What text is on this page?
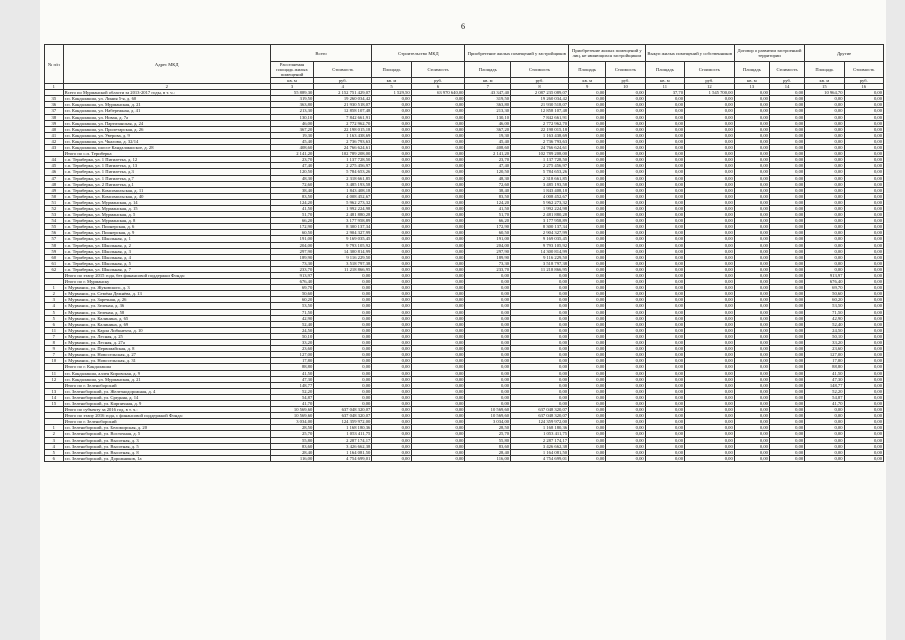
6
№ п/п	Адрес МКД	Всего		Строительство МКД		Приобретение жилых помещений у застройщиков		Приобретение жилых помещений у лиц, не являющихся застройщиком		Выкуп жилых помещений у собственников		Договор о развитии застроенной территории		Другие	
		Расселяемая площадь жилых помещений	Стоимость	Площадь	Стоимость	Площадь	Стоимость	Площадь	Стоимость	Площадь	Стоимость	Площадь	Стоимость	Площадь	Стоимость
		кв. м	руб.	кв. м	руб.	кв. м	руб.	кв. м	руб.	кв. м	руб.	кв. м	руб.	кв. м	руб.
1	2	3	4	5	6	7	8	9	10	11	12	13	14	15	16
	Всего по Мурманской области за 2013-2017 годы, в т. ч.:	55 889,30	2 152 751 429,07	1 529,50	63 970 640,00	43 347,40	2 087 235 089,07	0,00	0,00	37,70	1 545 700,00	0,00	0,00	10 964,70	0,00
35	г.п. Кандалакша, ул. Линия 5-я, д. 60	319,50	19 260 034,42	0,00	0,00	319,50	19 260 034,42	0,00	0,00	0,00	0,00	0,00	0,00	0,00	0,00
36	г.п. Кандалакша, ул. Мурманская, д. 21	363,80	21 930 518,07	0,00	0,00	363,80	21 930 518,07	0,00	0,00	0,00	0,00	0,00	0,00	0,00	0,00
37	г.п. Кандалакша, ул. Набережная, д. 41	213,30	12 858 107,48	0,00	0,00	213,30	12 858 107,48	0,00	0,00	0,00	0,00	0,00	0,00	0,00	0,00
38	г.п. Кандалакша, ул. Новая, д. 7а	130,10	7 842 661,91	0,00	0,00	130,10	7 842 661,91	0,00	0,00	0,00	0,00	0,00	0,00	0,00	0,00
39	г.п. Кандалакша, ул. Партизанская, д. 24	46,00	2 772 962,70	0,00	0,00	46,00	2 772 962,70	0,00	0,00	0,00	0,00	0,00	0,00	0,00	0,00
40	г.п. Кандалакша, ул. Пролетарская, д. 26	367,20	22 198 015,18	0,00	0,00	367,20	22 198 015,18	0,00	0,00	0,00	0,00	0,00	0,00	0,00	0,00
41	г.п. Кандалакша, ул. Уверова, д. 9	19,30	1 163 438,69	0,00	0,00	19,30	1 163 438,69	0,00	0,00	0,00	0,00	0,00	0,00	0,00	0,00
42	г.п. Кандалакша, ул. Чкалова, д. 32/14	45,40	2 736 793,63	0,00	0,00	45,40	2 736 793,63	0,00	0,00	0,00	0,00	0,00	0,00	0,00	0,00
43	г.п. Кандалакша, шоссе Кандалакшское, д. 28	408,60	24 766 624,61	0,00	0,00	408,60	24 766 624,61	0,00	0,00	0,00	0,00	0,00	0,00	0,00	0,00
	Итого по с.п. Териберка	2 141,20	102 789 208,00	0,00	0,00	2 141,20	102 789 208,00	0,00	0,00	0,00	0,00	0,00	0,00	0,00	0,00
44	с.п. Териберка, ул. 1 Пятилетка, д. 12	23,70	1 137 728,50	0,00	0,00	23,70	1 137 728,50	0,00	0,00	0,00	0,00	0,00	0,00	0,00	0,00
45	с.п. Териберка, ул. 1 Пятилетка, д. 13	47,40	2 275 456,97	0,00	0,00	47,40	2 275 456,97	0,00	0,00	0,00	0,00	0,00	0,00	0,00	0,00
46	с.п. Териберка, ул. 1 Пятилетка, д.3	120,50	5 784 653,26	0,00	0,00	120,50	5 784 653,26	0,00	0,00	0,00	0,00	0,00	0,00	0,00	0,00
47	с.п. Териберка, ул. 1 Пятилетка, д.7	48,30	2 318 661,85	0,00	0,00	48,30	2 318 661,85	0,00	0,00	0,00	0,00	0,00	0,00	0,00	0,00
48	с.п. Териберка, ул. 2 Пятилетка, д.1	72,60	3 485 193,58	0,00	0,00	72,60	3 485 193,58	0,00	0,00	0,00	0,00	0,00	0,00	0,00	0,00
49	с.п. Териберка, ул. Комсомольская, д. 11	38,40	1 843 408,18	0,00	0,00	38,40	1 843 408,18	0,00	0,00	0,00	0,00	0,00	0,00	0,00	0,00
50	с.п. Териберка, ул. Комсомольская, д. 40	83,50	4 008 452,67	0,00	0,00	83,50	4 008 452,67	0,00	0,00	0,00	0,00	0,00	0,00	0,00	0,00
51	с.п. Териберка, ул. Мурманская, д. 14	124,20	5 962 273,32	0,00	0,00	124,20	5 962 273,32	0,00	0,00	0,00	0,00	0,00	0,00	0,00	0,00
52	с.п. Териберка, ул. Мурманская, д. 15	41,50	1 992 224,98	0,00	0,00	41,50	1 992 224,98	0,00	0,00	0,00	0,00	0,00	0,00	0,00	0,00
53	с.п. Териберка, ул. Мурманская, д. 5	51,70	2 481 880,28	0,00	0,00	51,70	2 481 880,28	0,00	0,00	0,00	0,00	0,00	0,00	0,00	0,00
54	с.п. Териберка, ул. Мурманская, д. 8	66,20	3 177 958,89	0,00	0,00	66,20	3 177 958,89	0,00	0,00	0,00	0,00	0,00	0,00	0,00	0,00
55	с.п. Териберка, ул. Пионерская, д. 6	172,90	8 300 137,34	0,00	0,00	172,90	8 300 137,34	0,00	0,00	0,00	0,00	0,00	0,00	0,00	0,00
56	с.п. Териберка, ул. Пионерская, д. 9	60,50	2 904 327,99	0,00	0,00	60,50	2 904 327,99	0,00	0,00	0,00	0,00	0,00	0,00	0,00	0,00
57	с.п. Териберка, ул. Школьная, д. 1	191,00	9 169 035,45	0,00	0,00	191,00	9 169 035,45	0,00	0,00	0,00	0,00	0,00	0,00	0,00	0,00
58	с.п. Териберка, ул. Школьная, д. 2	204,00	9 793 105,92	0,00	0,00	204,00	9 793 105,92	0,00	0,00	0,00	0,00	0,00	0,00	0,00	0,00
59	с.п. Териберка, ул. Школьная, д. 3	297,90	14 300 814,99	0,00	0,00	297,90	14 300 814,99	0,00	0,00	0,00	0,00	0,00	0,00	0,00	0,00
60	с.п. Териберка, ул. Школьная, д. 4	189,90	9 116 229,50	0,00	0,00	189,90	9 116 229,50	0,00	0,00	0,00	0,00	0,00	0,00	0,00	0,00
61	с.п. Териберка, ул. Школьная, д. 5	73,30	3 518 797,38	0,00	0,00	73,30	3 518 797,38	0,00	0,00	0,00	0,00	0,00	0,00	0,00	0,00
62	с.п. Териберка, ул. Школьная, д. 7	233,70	11 218 866,95	0,00	0,00	233,70	11 218 866,95	0,00	0,00	0,00	0,00	0,00	0,00	0,00	0,00
	Итого по этапу 2015 года, без финансовой поддержки Фонда:	913,97	0,00	0,00	0,00	0,00	0,00	0,00	0,00	0,00	0,00	0,00	0,00	913,97	0,00
	Итого по г. Мурманску	676,40	0,00	0,00	0,00	0,00	0,00	0,00	0,00	0,00	0,00	0,00	0,00	676,40	0,00
1	г. Мурманск, ул. Жуковского, д. 3	69,70	0,00	0,00	0,00	0,00	0,00	0,00	0,00	0,00	0,00	0,00	0,00	69,70	0,00
2	г. Мурманск, ул. Семёна Дежнёва, д. 13	50,60	0,00	0,00	0,00	0,00	0,00	0,00	0,00	0,00	0,00	0,00	0,00	50,60	0,00
3	г. Мурманск, ул. Заречная, д. 26	60,20	0,00	0,00	0,00	0,00	0,00	0,00	0,00	0,00	0,00	0,00	0,00	60,20	0,00
4	г. Мурманск, ул. Зеленая, д. 36	53,50	0,00	0,00	0,00	0,00	0,00	0,00	0,00	0,00	0,00	0,00	0,00	53,50	0,00
5	г. Мурманск, ул. Зеленая, д. 58	71,50	0,00	0,00	0,00	0,00	0,00	0,00	0,00	0,00	0,00	0,00	0,00	71,50	0,00
5	г. Мурманск, ул. Калинина, д. 65	42,90	0,00	0,00	0,00	0,00	0,00	0,00	0,00	0,00	0,00	0,00	0,00	42,90	0,00
6	г. Мурманск, ул. Калинина, д. 69	52,40	0,00	0,00	0,00	0,00	0,00	0,00	0,00	0,00	0,00	0,00	0,00	52,40	0,00
11	г. Мурманск, ул. Карла Либкнехта, д. 10	24,50	0,00	0,00	0,00	0,00	0,00	0,00	0,00	0,00	0,00	0,00	0,00	24,50	0,00
7	г. Мурманск, ул. Лесная, д. 25	50,10	0,00	0,00	0,00	0,00	0,00	0,00	0,00	0,00	0,00	0,00	0,00	50,10	0,00
8	г. Мурманск, ул. Лесная, д. 27а	33,20	0,00	0,00	0,00	0,00	0,00	0,00	0,00	0,00	0,00	0,00	0,00	33,20	0,00
9	г. Мурманск, ул. Первомайская, д. 8	23,60	0,00	0,00	0,00	0,00	0,00	0,00	0,00	0,00	0,00	0,00	0,00	23,60	0,00
7	г. Мурманск, ул. Новосельская, д. 27	127,00	0,00	0,00	0,00	0,00	0,00	0,00	0,00	0,00	0,00	0,00	0,00	127,00	0,00
10	г. Мурманск, ул. Новосельская, д. 31	17,80	0,00	0,00	0,00	0,00	0,00	0,00	0,00	0,00	0,00	0,00	0,00	17,80	0,00
	Итого по г. Кандалакша	88,80	0,00	0,00	0,00	0,00	0,00	0,00	0,00	0,00	0,00	0,00	0,00	88,80	0,00
11	г.п. Кандалакша, аллея Кировская, д. 9	41,50	0,00	0,00	0,00	0,00	0,00	0,00	0,00	0,00	0,00	0,00	0,00	41,50	0,00
12	г.п. Кандалакша, ул. Мурманская, д. 21	47,30	0,00	0,00	0,00	0,00	0,00	0,00	0,00	0,00	0,00	0,00	0,00	47,30	0,00
	Итого по г. Зеленоборский	148,77	0,00	0,00	0,00	0,00	0,00	0,00	0,00	0,00	0,00	0,00	0,00	148,77	0,00
13	г.п. Зеленоборский, ул. Железнодорожная, д. 4	52,20	0,00	0,00	0,00	0,00	0,00	0,00	0,00	0,00	0,00	0,00	0,00	52,20	0,00
14	г.п. Зеленоборский, ул. Средняя, д. 14	54,87	0,00	0,00	0,00	0,00	0,00	0,00	0,00	0,00	0,00	0,00	0,00	54,87	0,00
15	г.п. Зеленоборский, ул. Кирпичная, д. 9	41,70	0,00	0,00	0,00	0,00	0,00	0,00	0,00	0,00	0,00	0,00	0,00	41,70	0,00
	Итого по субъекту за 2016 год, в т. ч.:	10 569,60	637 048 320,07	0,00	0,00	10 569,60	637 048 320,07	0,00	0,00	0,00	0,00	0,00	0,00	0,00	0,00
	Итого по этапу 2016 года, с финансовой поддержкой Фонда:	10 569,60	637 048 320,07	0,00	0,00	10 569,60	637 048 320,07	0,00	0,00	0,00	0,00	0,00	0,00	0,00	0,00
	Итого по г. Зеленоборский	3 034,00	124 359 972,00	0,00	0,00	3 034,00	124 359 972,00	0,00	0,00	0,00	0,00	0,00	0,00	0,00	0,00
1	г.п. Зеленоборский, ул. Беломорская, д. 20	28,50	1 168 180,36	0,00	0,00	28,50	1 168 180,36	0,00	0,00	0,00	0,00	0,00	0,00	0,00	0,00
2	г.п. Зеленоборский, ул. Восточная, д. 5	25,70	1 053 411,75	0,00	0,00	25,70	1 053 411,75	0,00	0,00	0,00	0,00	0,00	0,00	0,00	0,00
3	г.п. Зеленоборский, ул. Высотная, д. 3	55,80	2 287 174,17	0,00	0,00	55,80	2 287 174,17	0,00	0,00	0,00	0,00	0,00	0,00	0,00	0,00
4	г.п. Зеленоборский, ул. Высотная, д. 5	83,60	3 426 662,38	0,00	0,00	83,60	3 426 662,38	0,00	0,00	0,00	0,00	0,00	0,00	0,00	0,00
5	г.п. Зеленоборский, ул. Высотная, д. 8	28,40	1 164 081,50	0,00	0,00	28,40	1 164 081,50	0,00	0,00	0,00	0,00	0,00	0,00	0,00	0,00
6	г.п. Зеленоборский, ул. Дорожников, 1а	116,00	4 754 699,01	0,00	0,00	116,00	4 754 699,01	0,00	0,00	0,00	0,00	0,00	0,00	0,00	0,00
